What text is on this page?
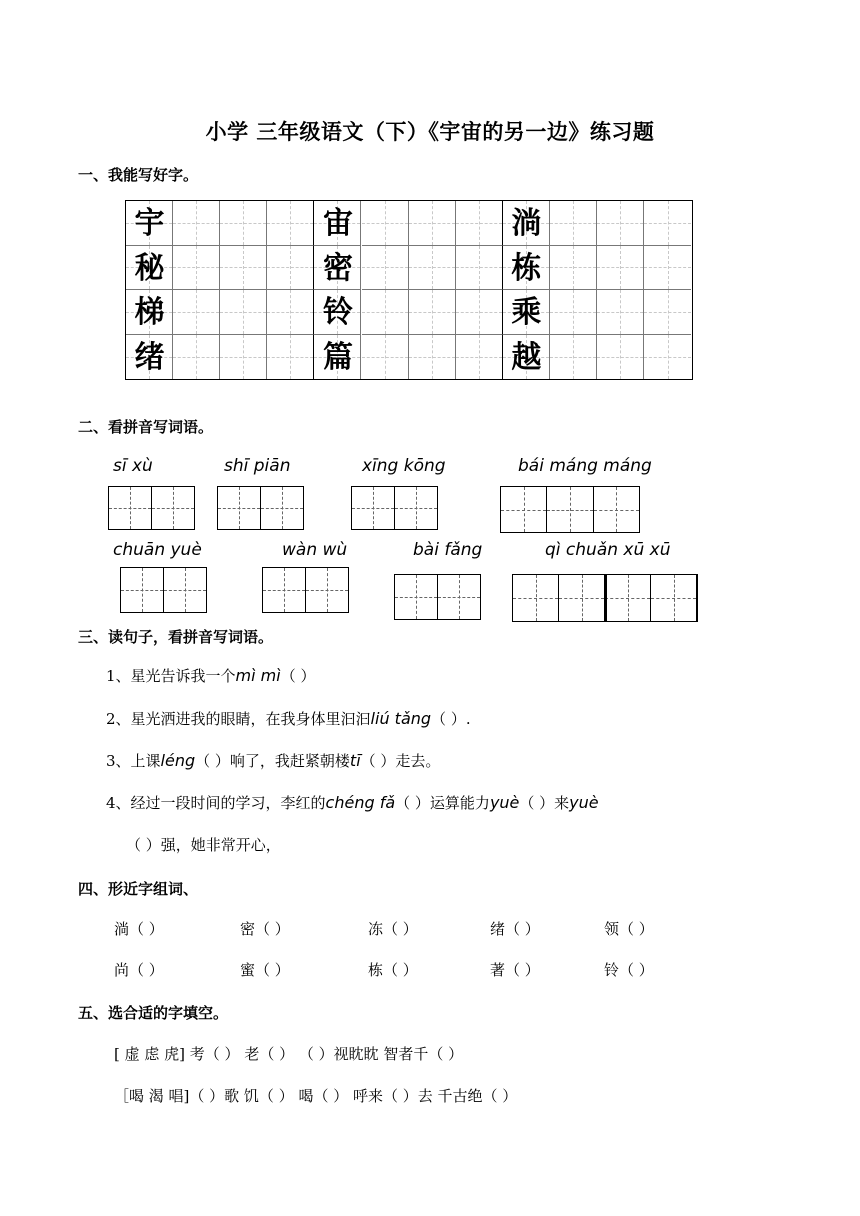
小学 三年级语文（下）《宇宙的另一边》练习题
一、我能写好字。
宇	宙	淌
秘	密	栋
梯	铃	乘
绪	篇	越
二、看拼音写词语。
sī xù	shī piān	xīng kōng	bái máng máng
chuān yuè	wàn wù	bài fǎng	qì chuǎn xū xū
三、读句子，看拼音写词语。
1、星光告诉我一个mì mì（ ）
2、星光洒进我的眼睛，在我身体里汩汩liú tǎng（ ）.
3、上课léng（ ）响了，我赶紧朝楼tī（ ）走去。
4、经过一段时间的学习，李红的chéng fǎ（ ）运算能力yuè（ ）来yuè
（ ）强，她非常开心，
四、形近字组词、
淌（ ）	密（ ）	冻（ ）	绪（ ）	领（ ）
尚（ ）	蜜（ ）	栋（ ）	著（ ）	铃（ ）
五、选合适的字填空。
[ 虚 虑 虎] 考（ ） 老（ ） （ ）视眈眈 智者千（ ）
［喝 渴 唱]（ ）歌 饥（ ） 喝（ ） 呼来（ ）去 千古绝（ ）
